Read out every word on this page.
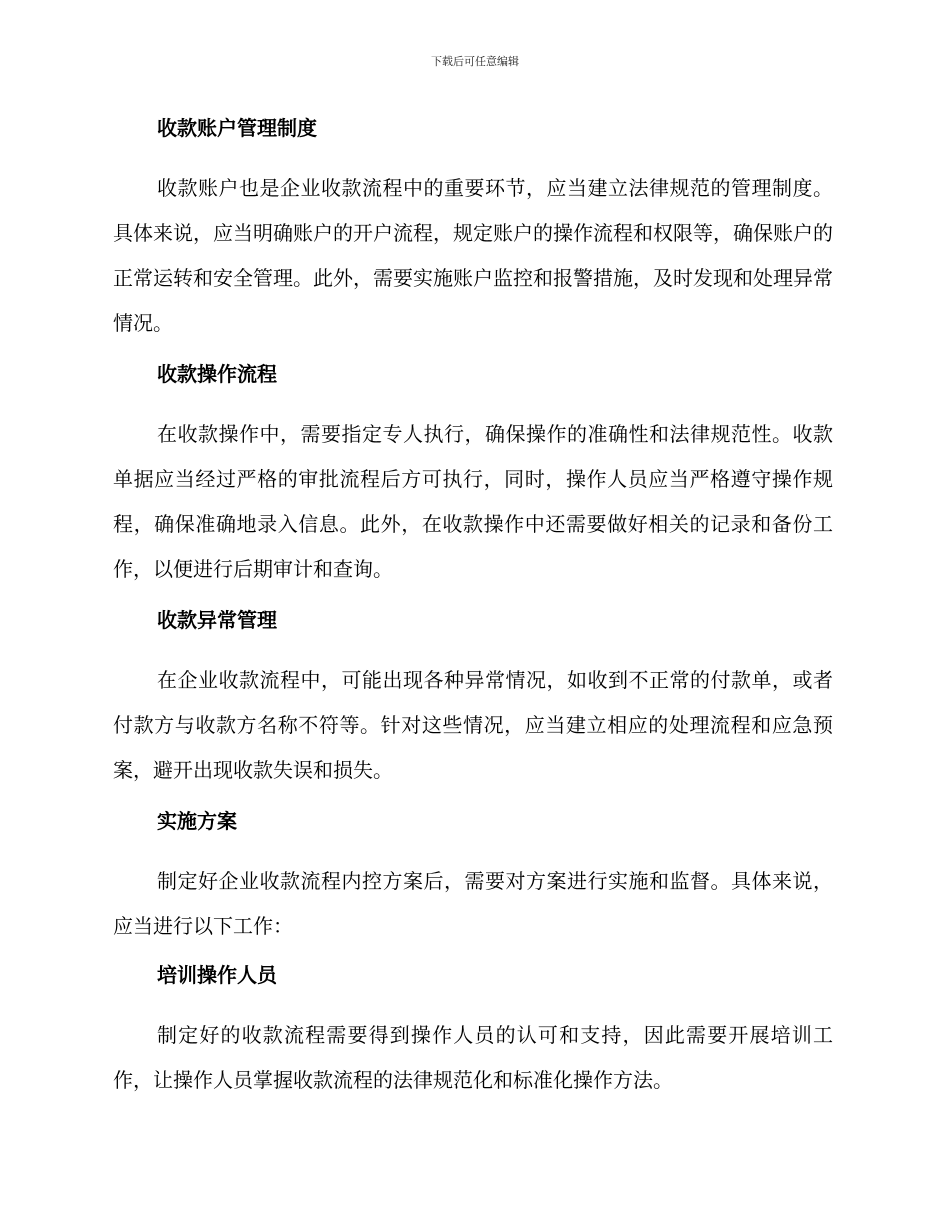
下载后可任意编辑
收款账户管理制度
收款账户也是企业收款流程中的重要环节，应当建立法律规范的管理制度。具体来说，应当明确账户的开户流程，规定账户的操作流程和权限等，确保账户的正常运转和安全管理。此外，需要实施账户监控和报警措施，及时发现和处理异常情况。
收款操作流程
在收款操作中，需要指定专人执行，确保操作的准确性和法律规范性。收款单据应当经过严格的审批流程后方可执行，同时，操作人员应当严格遵守操作规程，确保准确地录入信息。此外，在收款操作中还需要做好相关的记录和备份工作，以便进行后期审计和查询。
收款异常管理
在企业收款流程中，可能出现各种异常情况，如收到不正常的付款单，或者付款方与收款方名称不符等。针对这些情况，应当建立相应的处理流程和应急预案，避开出现收款失误和损失。
实施方案
制定好企业收款流程内控方案后，需要对方案进行实施和监督。具体来说，应当进行以下工作：
培训操作人员
制定好的收款流程需要得到操作人员的认可和支持，因此需要开展培训工作，让操作人员掌握收款流程的法律规范化和标准化操作方法。
